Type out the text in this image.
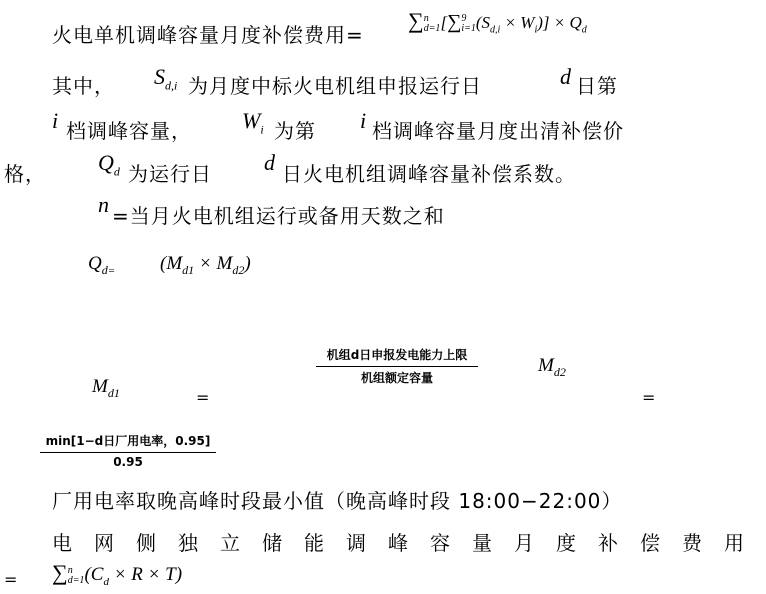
火电单机调峰容量月度补偿费用=
∑ n
d=1 [∑ 9
i=1 $(S_{d,i} \times W_i)] \times Q_d$
其中， $S_{d,i}$ 为月度中标火电机组申报运行日	d 日第
i 档调峰容量， $W_i$ 为第 i 档调峰容量月度出清补偿价
格， $Q_d$ 为运行日 d 日火电机组调峰容量补偿系数。
n =当月火电机组运行或备用天数之和
$Q_{d=}$ $(M_{d1} \times M_{d2})$
机组d日申报发电能力上限
机组额定容量
$M_{d2}$
$M_{d1}$	=	=
min[1−d日厂用电率，0.95]
0.95
厂用电率取晚高峰时段最小值（晚高峰时段 18:00−22:00）
电网侧独立储能调峰容量月度补偿费用
= ∑ n
d=1 $(C_d \times R \times T)$
